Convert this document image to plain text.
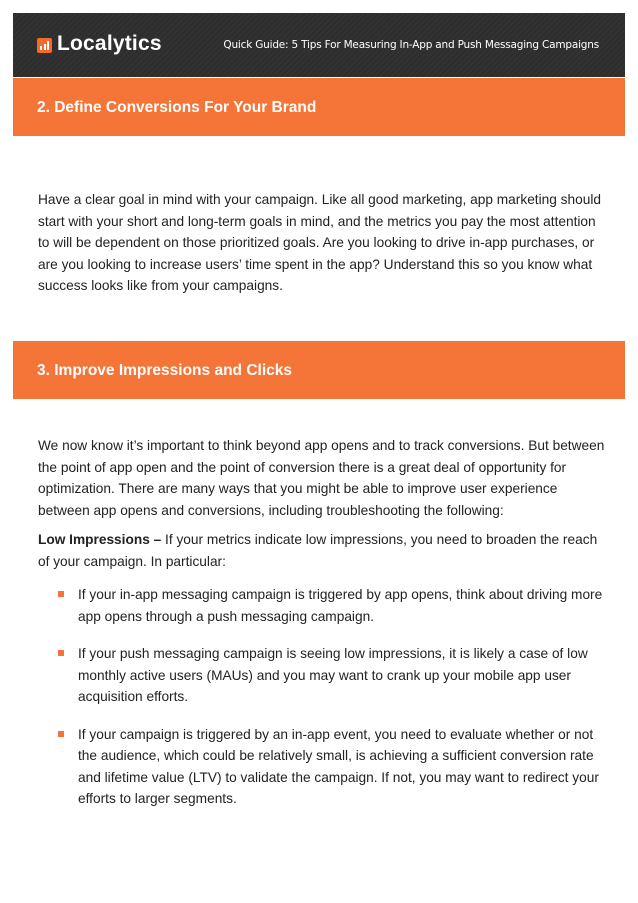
Localytics	Quick Guide: 5 Tips For Measuring In-App and Push Messaging Campaigns
2. Define Conversions For Your Brand

Have a clear goal in mind with your campaign. Like all good marketing, app marketing should start with your short and long-term goals in mind, and the metrics you pay the most attention to will be dependent on those prioritized goals. Are you looking to drive in-app purchases, or are you looking to increase users’ time spent in the app? Understand this so you know what success looks like from your campaigns.

3. Improve Impressions and Clicks

We now know it’s important to think beyond app opens and to track conversions. But between the point of app open and the point of conversion there is a great deal of opportunity for optimization. There are many ways that you might be able to improve user experience between app opens and conversions, including troubleshooting the following:

Low Impressions – If your metrics indicate low impressions, you need to broaden the reach of your campaign. In particular:

If your in-app messaging campaign is triggered by app opens, think about driving more app opens through a push messaging campaign.
If your push messaging campaign is seeing low impressions, it is likely a case of low monthly active users (MAUs) and you may want to crank up your mobile app user acquisition efforts.
If your campaign is triggered by an in-app event, you need to evaluate whether or not the audience, which could be relatively small, is achieving a sufficient conversion rate and lifetime value (LTV) to validate the campaign. If not, you may want to redirect your efforts to larger segments.
